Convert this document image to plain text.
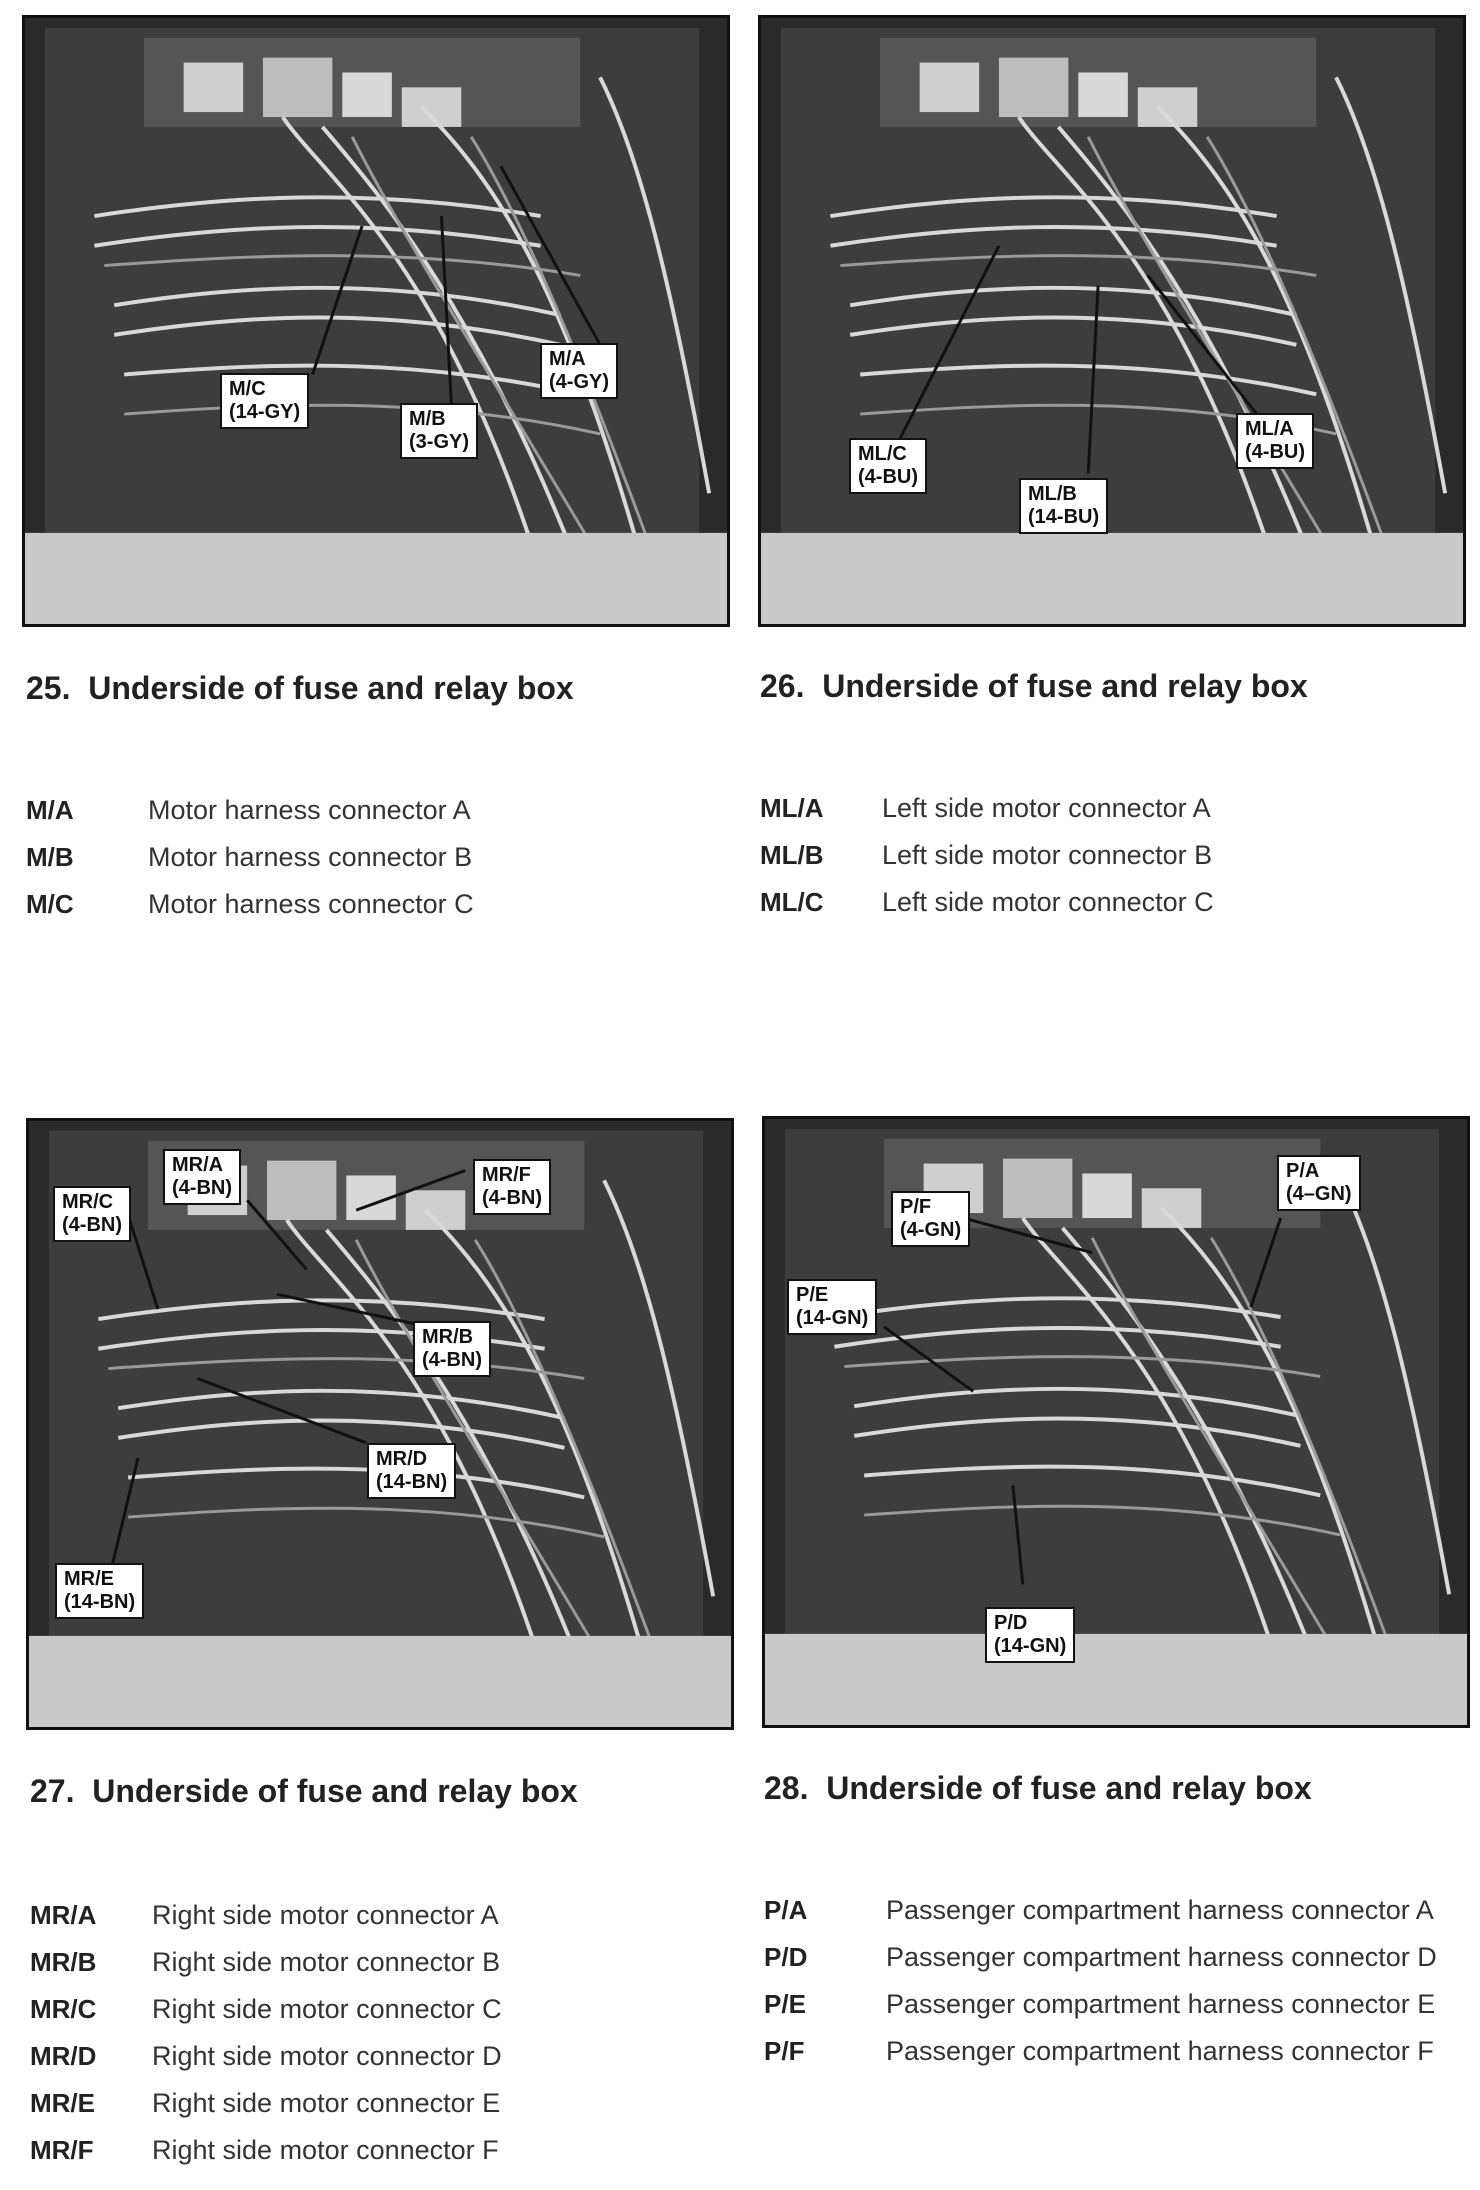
M/A
(4-GY)
M/B
(3-GY)
M/C
(14-GY)
25. Underside of fuse and relay box
M/A	Motor harness connector A
M/B	Motor harness connector B
M/C	Motor harness connector C
ML/A
(4-BU)
ML/B
(14-BU)
ML/C
(4-BU)
26. Underside of fuse and relay box
ML/A Left side motor connector A
ML/B Left side motor connector B
ML/C Left side motor connector C
MR/A
(4-BN)
MR/B
(4-BN)
MR/C
(4-BN)
MR/D
(14-BN)
MR/E
(14-BN)
MR/F
(4-BN)
27. Underside of fuse and relay box
MR/A Right side motor connector A
MR/B Right side motor connector B
MR/C Right side motor connector C
MR/D Right side motor connector D
MR/E Right side motor connector E
MR/F Right side motor connector F
P/A
(4–GN)
P/D
(14-GN)
P/E
(14-GN)
P/F
(4-GN)
28. Underside of fuse and relay box
P/A	Passenger compartment harness connector A
P/D	Passenger compartment harness connector D
P/E	Passenger compartment harness connector E
P/F	Passenger compartment harness connector F
